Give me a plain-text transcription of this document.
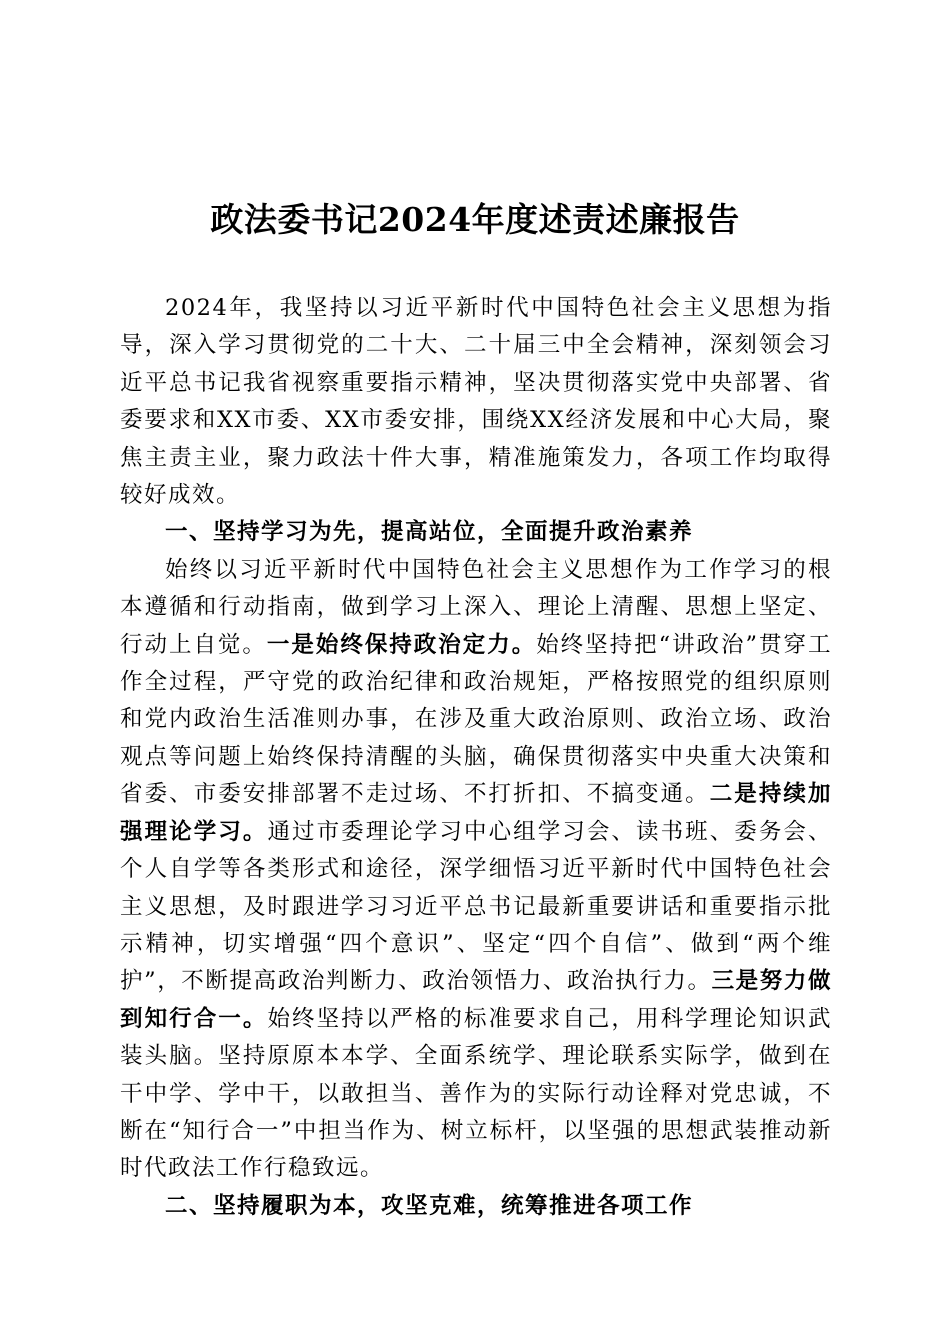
政法委书记2024年度述责述廉报告

2024年，我坚持以习近平新时代中国特色社会主义思想为指导，深入学习贯彻党的二十大、二十届三中全会精神，深刻领会习近平总书记我省视察重要指示精神，坚决贯彻落实党中央部署、省委要求和XX市委、XX市委安排，围绕XX经济发展和中心大局，聚焦主责主业，聚力政法十件大事，精准施策发力，各项工作均取得较好成效。

一、坚持学习为先，提高站位，全面提升政治素养

始终以习近平新时代中国特色社会主义思想作为工作学习的根本遵循和行动指南，做到学习上深入、理论上清醒、思想上坚定、行动上自觉。一是始终保持政治定力。始终坚持把“讲政治”贯穿工作全过程，严守党的政治纪律和政治规矩，严格按照党的组织原则和党内政治生活准则办事，在涉及重大政治原则、政治立场、政治观点等问题上始终保持清醒的头脑，确保贯彻落实中央重大决策和省委、市委安排部署不走过场、不打折扣、不搞变通。二是持续加强理论学习。通过市委理论学习中心组学习会、读书班、委务会、个人自学等各类形式和途径，深学细悟习近平新时代中国特色社会主义思想，及时跟进学习习近平总书记最新重要讲话和重要指示批示精神，切实增强“四个意识”、坚定“四个自信”、做到“两个维护”，不断提高政治判断力、政治领悟力、政治执行力。三是努力做到知行合一。始终坚持以严格的标准要求自己，用科学理论知识武装头脑。坚持原原本本学、全面系统学、理论联系实际学，做到在干中学、学中干，以敢担当、善作为的实际行动诠释对党忠诚，不断在“知行合一”中担当作为、树立标杆，以坚强的思想武装推动新时代政法工作行稳致远。

二、坚持履职为本，攻坚克难，统筹推进各项工作
